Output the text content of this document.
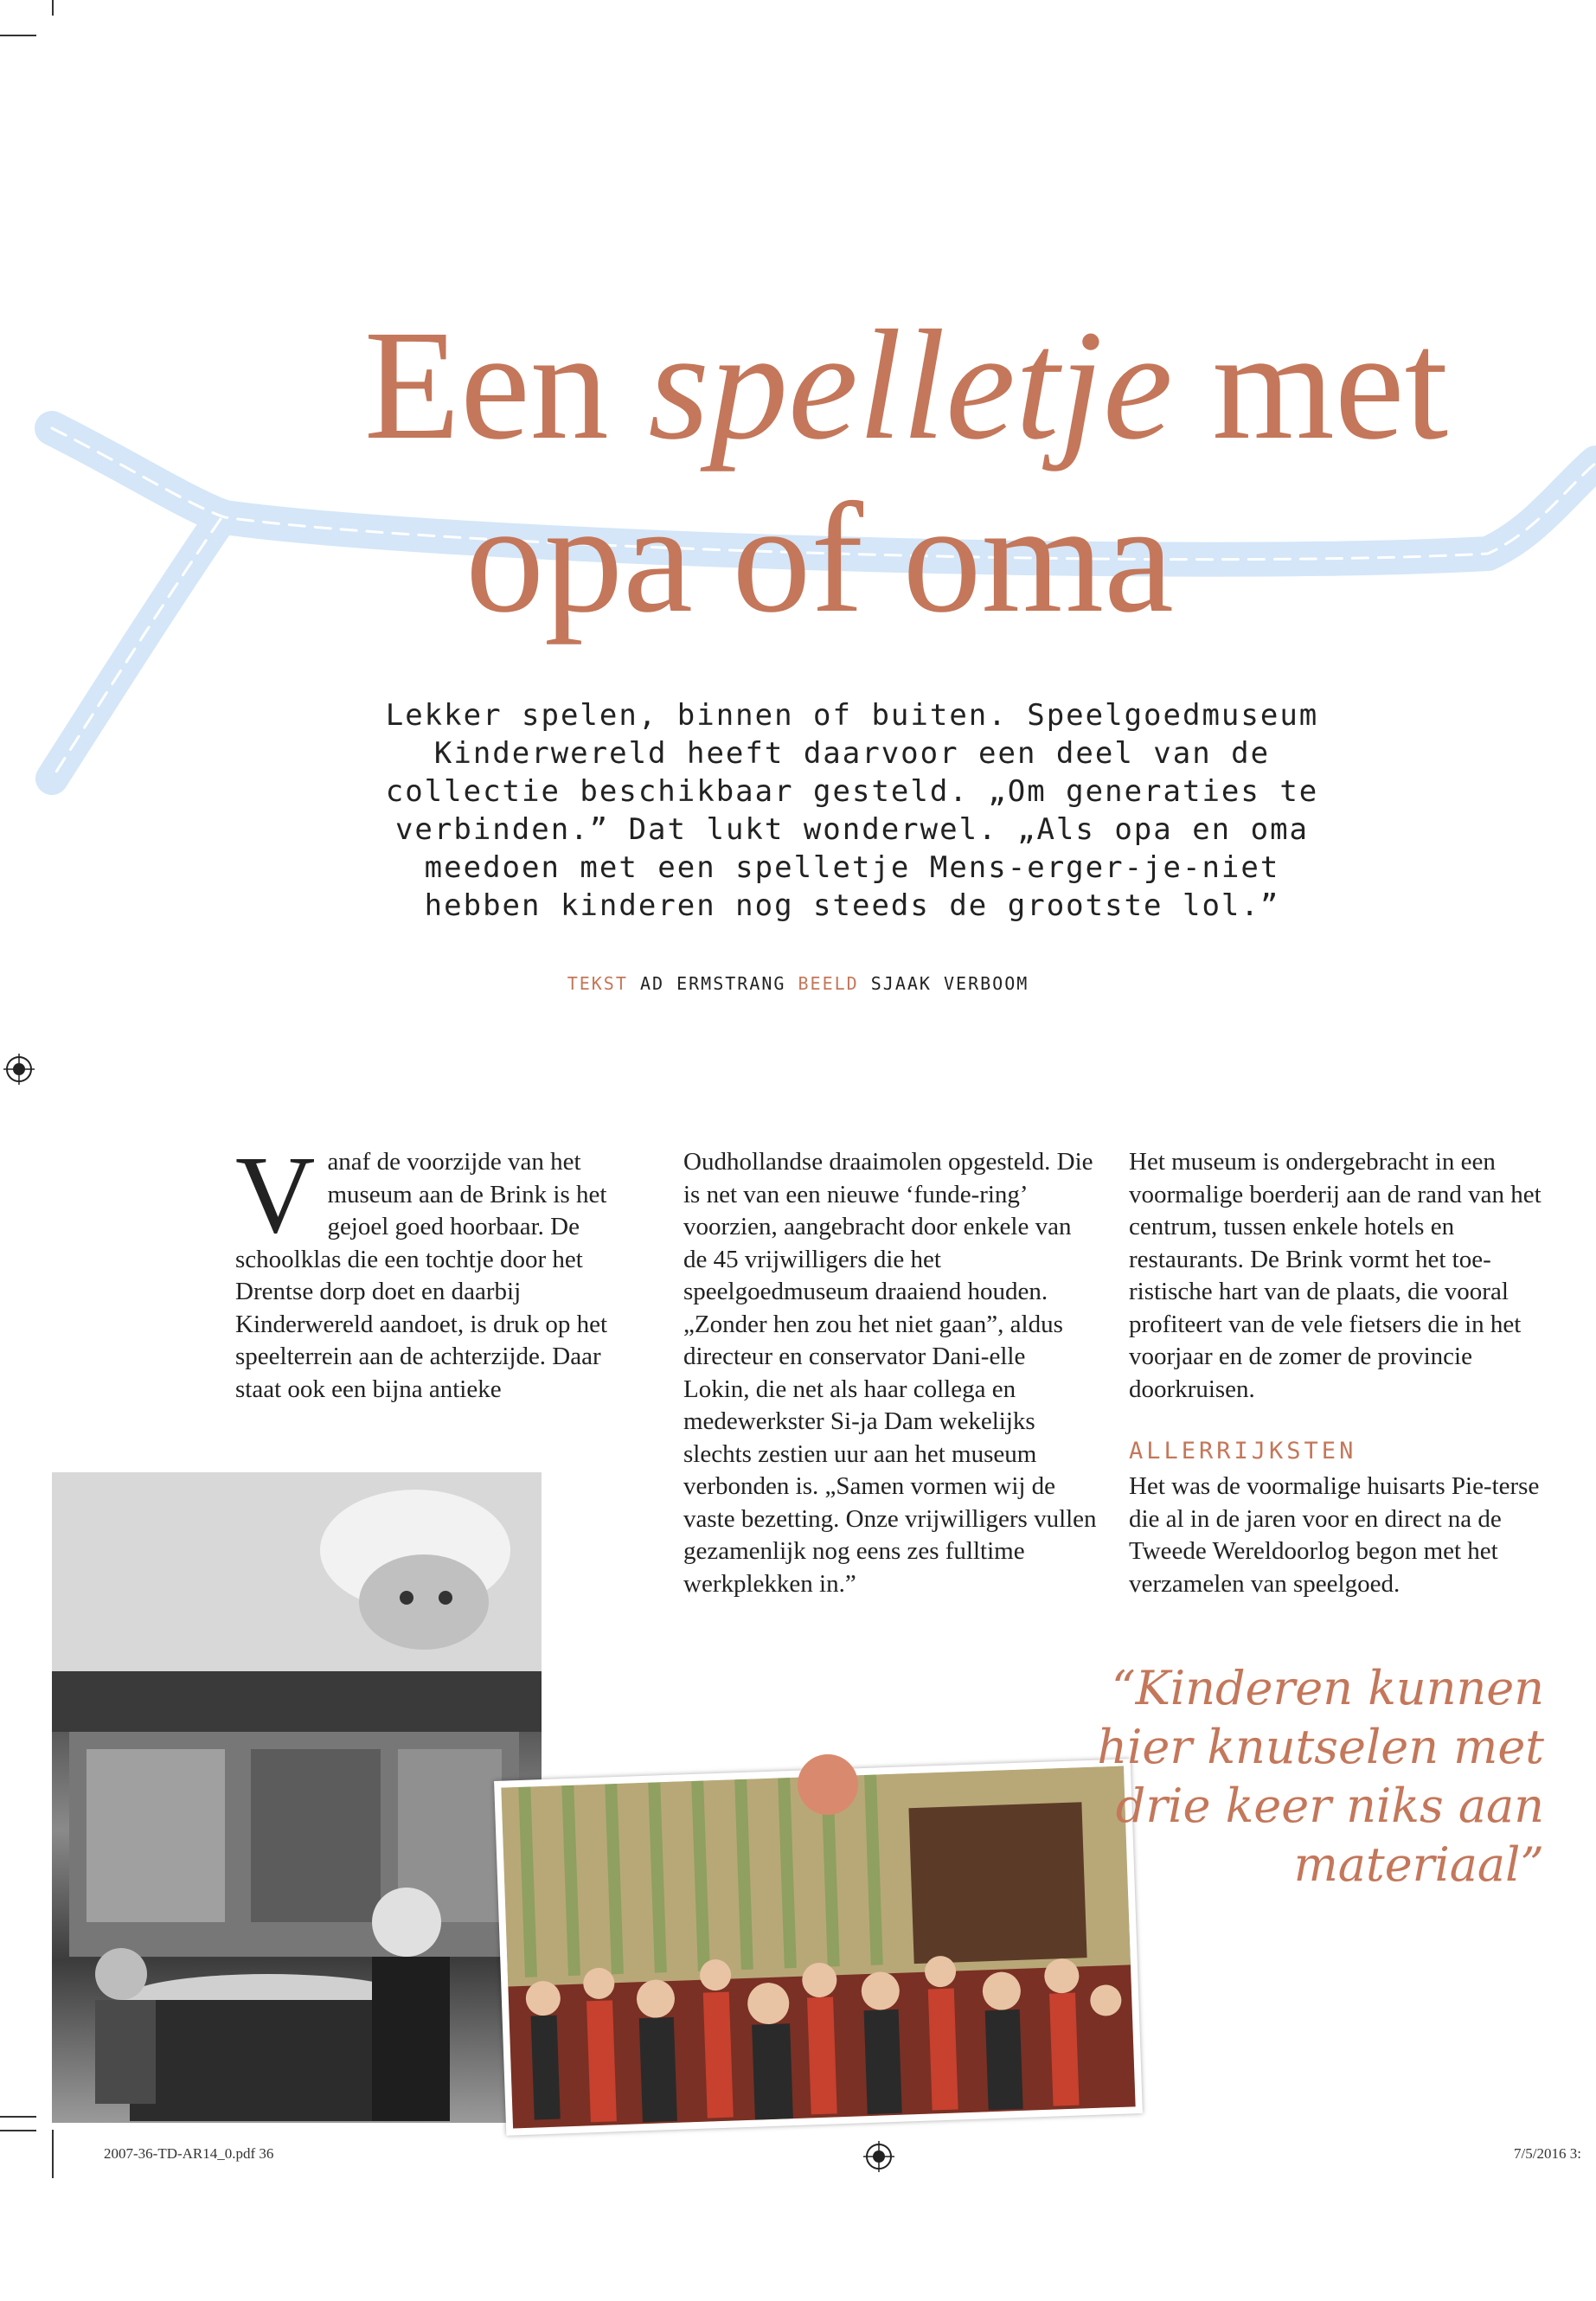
Een spelletje met
opa of oma

Lekker spelen, binnen of buiten. Speelgoedmuseum Kinderwereld heeft daarvoor een deel van de collectie beschikbaar gesteld. „Om generaties te verbinden.” Dat lukt wonderwel. „Als opa en oma meedoen met een spelletje Mens-erger-je-niet hebben kinderen nog steeds de grootste lol.”

TEKST AD ERMSTRANG BEELD SJAAK VERBOOM

Vanaf de voorzijde van het museum aan de Brink is het gejoel goed hoorbaar. De schoolklas die een tochtje door het Drentse dorp doet en daarbij Kinderwereld aandoet, is druk op het speelterrein aan de achterzijde. Daar staat ook een bijna antieke

Oudhollandse draaimolen opgesteld. Die is net van een nieuwe ‘funde-ring’ voorzien, aangebracht door enkele van de 45 vrijwilligers die het speelgoedmuseum draaiend houden. „Zonder hen zou het niet gaan”, aldus directeur en conservator Dani-elle Lokin, die net als haar collega en medewerkster Si-ja Dam wekelijks slechts zestien uur aan het museum verbonden is. „Samen vormen wij de vaste bezetting. Onze vrijwilligers vullen gezamenlijk nog eens zes fulltime werkplekken in.”

Het museum is ondergebracht in een voormalige boerderij aan de rand van het centrum, tussen enkele hotels en restaurants. De Brink vormt het toe-ristische hart van de plaats, die vooral profiteert van de vele fietsers die in het voorjaar en de zomer de provincie doorkruisen.

ALLERRIJKSTEN

Het was de voormalige huisarts Pie-terse die al in de jaren voor en direct na de Tweede Wereldoorlog begon met het verzamelen van speelgoed.

“Kinderen kunnen hier knutselen met drie keer niks aan materiaal”

2007-36-TD-AR14_0.pdf 36	7/5/2016 3:
